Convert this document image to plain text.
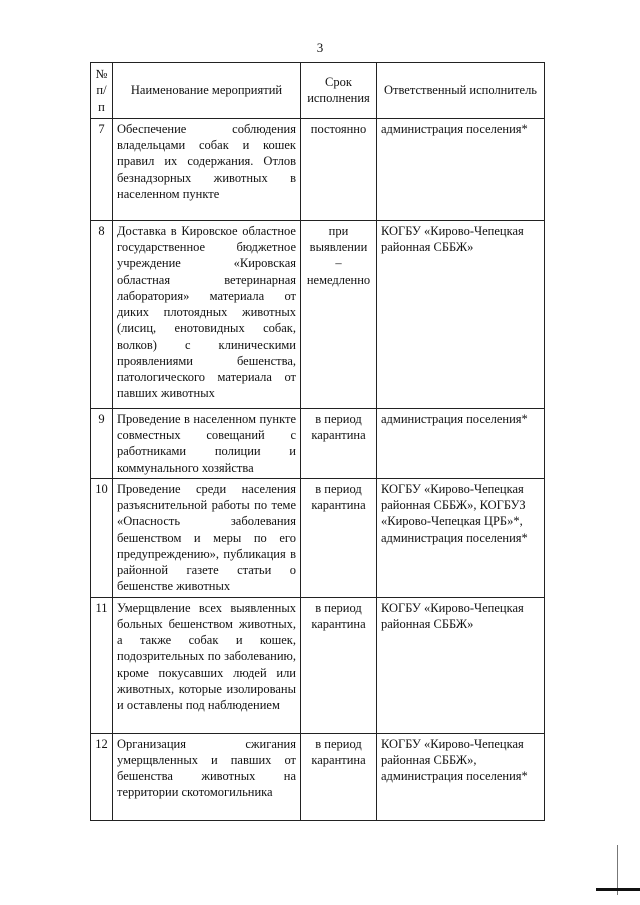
3
№ п/п	Наименование мероприятий	Срок исполнения	Ответственный исполнитель
7	Обеспечение соблюдения владельцами собак и кошек правил их содержания. Отлов безнадзорных животных в населенном пункте	постоянно	администрация поселения*
8	Доставка в Кировское областное государственное бюджетное учреждение «Кировская областная ветеринарная лаборатория» материала от диких плотоядных животных (лисиц, енотовидных собак, волков) с клиническими проявлениями бешенства, патологического материала от павших животных	при выявлении – немедленно	КОГБУ «Кирово-Чепецкая районная СББЖ»
9	Проведение в населенном пункте совместных совещаний с работниками полиции и коммунального хозяйства	в период карантина	администрация поселения*
10	Проведение среди населения разъяснительной работы по теме «Опасность заболевания бешенством и меры по его предупреждению», публикация в районной газете статьи о бешенстве животных	в период карантина	КОГБУ «Кирово-Чепецкая районная СББЖ», КОГБУЗ «Кирово-Чепецкая ЦРБ»*, администрация поселения*
11	Умерщвление всех выявленных больных бешенством животных, а также собак и кошек, подозрительных по заболеванию, кроме покусавших людей или животных, которые изолированы и оставлены под наблюдением	в период карантина	КОГБУ «Кирово-Чепецкая районная СББЖ»
12	Организация сжигания умерщвленных и павших от бешенства животных на территории скотомогильника	в период карантина	КОГБУ «Кирово-Чепецкая районная СББЖ», администрация поселения*
